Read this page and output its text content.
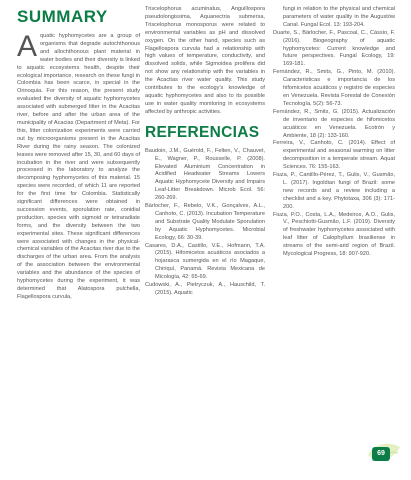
SUMMARY
A quatic hyphomycetes are a group of organisms that degrade autochthonous and allochthonous plant material in water bodies and their diversity is linked to aquatic ecosystems health, despite their ecological importance, research on these fungi in Colombia has been scarce, in special in the Orinoquia. For this reason, the present study evaluated the diversity of aquatic hyphomycetes associated with submerged litter in the Acacitas river, before and after the urban area of the municipality of Acacias (Department of Meta). For this, litter colonization experiments were carried out by microorganisms present in the Acacitas River during the rainy season. The colonized leaves were removed after 15, 30, and 60 days of incubation in the river and were subsequently processed in the laboratory to analyze the decomposing hyphomycetes of this material. 15 species were recorded, of which 11 are reported for the first time for Colombia. Statistically significant differences were obtained in succession events, sporulation rate, conidial production, species with sigmoid or tetraradiate forms, and the diversity between the two experimental sites. These significant differences were associated with changes in the physical-chemical variables of the Acacitas river due to the discharges of the urban area. From the analysis of the association between the environmental variables and the abundance of the species of hyphomycetes during the experiment, it was determined that Alatospora pulchella, Flagellospora curvula,

Triscelophorus acuminatus, Anguillospora pseudolongissima, Aquanectria submersa, Triscelophorus monosporus were related to environmental variables as pH and dissolved oxygen. On the other hand, species such as Flagellospora curvula had a relationship with high values of temperature, conductivity, and dissolved solids, while Sigmoidea prolifera did not show any relationship with the variables in the Acacitas river water quality. This study contributes to the ecology's knowledge of aquatic hyphomycetes and also to its possible use in water quality monitoring in ecosystems affected by anthropic activities.

REFERENCIAS

Baudoin, J.M., Guérold, F., Felten, V., Chauvet, E., Wagner, P., Rousselle, P. (2008). Elevated Aluminium Concentration in Acidified Headwater Streams Lowers Aquatic Hyphomycete Diversity and Impairs Leaf-Litter Breakdown. Microb Ecol. 56: 260-269.

Bärlocher, F., Rebelo, V.K., Gonçalves, A.L., Canhoto, C. (2013). Incubation Temperature and Substrate Quality Modulate Sporulation by Aquatic Hyphomycetes. Microbial Ecology, 66: 30-39.

Casares, D.A., Castillo, V.E., Hofmann, T.A. (2015). Hifomicetos acuáticos asociados a hojarasca sumergida en el río Magaque, Chiriquí, Panamá. Revista Mexicana de Micología, 42: 65-69.

Cudowski, A., Pietryczuk, A., Hauschild, T. (2015). Aquatic

fungi in relation to the physical and chemical parameters of water quality in the Augustów Canal. Fungal Ecol. 13: 193-204.

Duarte, S., Bärlocher, F., Pascoal, C., Cássio, F. (2016). Biogeography of aquatic hyphomycetes: Current knowledge and future perspectives. Fungal Ecology, 19: 169-181.

Fernández, R., Smits, G., Pinto, M. (2010). Caracteristicas e importancia de los hifomicetos acuáticos y registro de especies en Venezuela. Revista Forestal de Conexión Tecnología, 5(2): 56-73.

Fernández, R., Smits, G. (2015). Actualización de inventario de especies de hifomicetos acuáticos en Venezuela. Ecotrón y Ambiente, 18 (2): 133-160.

Ferreira, V., Canhoto, C. (2014). Effect of experimental and seasonal warming on litter decomposition in a temperate stream. Aquat Sciences. 76: 155-163.

Fiuza, P., Cantillo-Pérez, T., Gulis, V., Gusmão, L. (2017). Ingoldian fungi of Brazil: some new records and a review including a checklist and a key. Phytotaxa, 306 (3): 171-200.

Fiuza, P.O., Costa, L.A., Medeiros, A.O., Gulis, V., Peschiotti-Gusmão, L.F. (2019). Diversity of freshwater hyphomycetes associated with leaf litter of Calophyllum brasiliense in streams of the semi-arid region of Brazil. Mycological Progress, 18: 907-920.

69
